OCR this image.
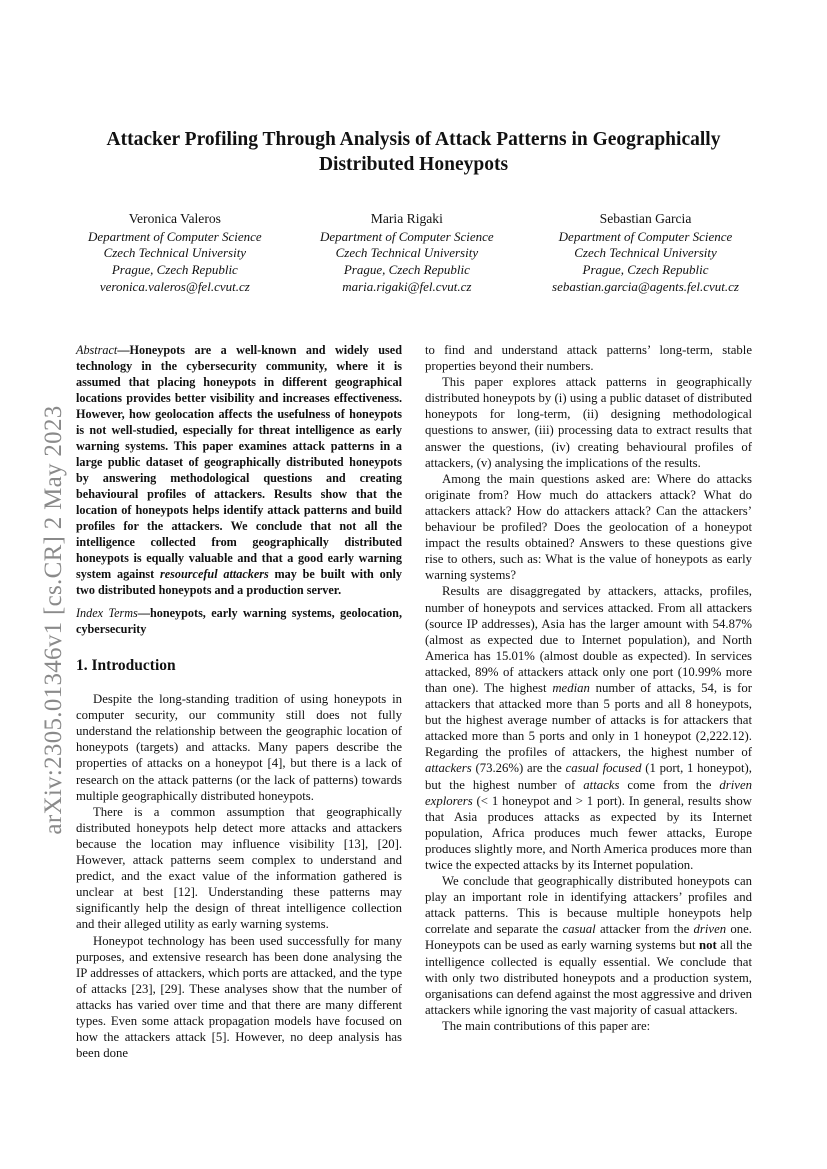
arXiv:2305.01346v1 [cs.CR] 2 May 2023
Attacker Profiling Through Analysis of Attack Patterns in Geographically Distributed Honeypots
Veronica Valeros
Department of Computer Science
Czech Technical University
Prague, Czech Republic
veronica.valeros@fel.cvut.cz
Maria Rigaki
Department of Computer Science
Czech Technical University
Prague, Czech Republic
maria.rigaki@fel.cvut.cz
Sebastian Garcia
Department of Computer Science
Czech Technical University
Prague, Czech Republic
sebastian.garcia@agents.fel.cvut.cz

Abstract—Honeypots are a well-known and widely used technology in the cybersecurity community, where it is assumed that placing honeypots in different geographical locations provides better visibility and increases effectiveness. However, how geolocation affects the usefulness of honeypots is not well-studied, especially for threat intelligence as early warning systems. This paper examines attack patterns in a large public dataset of geographically distributed honeypots by answering methodological questions and creating behavioural profiles of attackers. Results show that the location of honeypots helps identify attack patterns and build profiles for the attackers. We conclude that not all the intelligence collected from geographically distributed honeypots is equally valuable and that a good early warning system against resourceful attackers may be built with only two distributed honeypots and a production server.

Index Terms—honeypots, early warning systems, geolocation, cybersecurity

1. Introduction

Despite the long-standing tradition of using honeypots in computer security, our community still does not fully understand the relationship between the geographic location of honeypots (targets) and attacks. Many papers describe the properties of attacks on a honeypot [4], but there is a lack of research on the attack patterns (or the lack of patterns) towards multiple geographically distributed honeypots.

There is a common assumption that geographically distributed honeypots help detect more attacks and attackers because the location may influence visibility [13], [20]. However, attack patterns seem complex to understand and predict, and the exact value of the information gathered is unclear at best [12]. Understanding these patterns may significantly help the design of threat intelligence collection and their alleged utility as early warning systems.

Honeypot technology has been used successfully for many purposes, and extensive research has been done analysing the IP addresses of attackers, which ports are attacked, and the type of attacks [23], [29]. These analyses show that the number of attacks has varied over time and that there are many different types. Even some attack propagation models have focused on how the attackers attack [5]. However, no deep analysis has been done

to find and understand attack patterns’ long-term, stable properties beyond their numbers.

This paper explores attack patterns in geographically distributed honeypots by (i) using a public dataset of distributed honeypots for long-term, (ii) designing methodological questions to answer, (iii) processing data to extract results that answer the questions, (iv) creating behavioural profiles of attackers, (v) analysing the implications of the results.

Among the main questions asked are: Where do attacks originate from? How much do attackers attack? What do attackers attack? How do attackers attack? Can the attackers’ behaviour be profiled? Does the geolocation of a honeypot impact the results obtained? Answers to these questions give rise to others, such as: What is the value of honeypots as early warning systems?

Results are disaggregated by attackers, attacks, profiles, number of honeypots and services attacked. From all attackers (source IP addresses), Asia has the larger amount with 54.87% (almost as expected due to Internet population), and North America has 15.01% (almost double as expected). In services attacked, 89% of attackers attack only one port (10.99% more than one). The highest median number of attacks, 54, is for attackers that attacked more than 5 ports and all 8 honeypots, but the highest average number of attacks is for attackers that attacked more than 5 ports and only in 1 honeypot (2,222.12). Regarding the profiles of attackers, the highest number of attackers (73.26%) are the casual focused (1 port, 1 honeypot), but the highest number of attacks come from the driven explorers (< 1 honeypot and > 1 port). In general, results show that Asia produces attacks as expected by its Internet population, Africa produces much fewer attacks, Europe produces slightly more, and North America produces more than twice the expected attacks by its Internet population.

We conclude that geographically distributed honeypots can play an important role in identifying attackers’ profiles and attack patterns. This is because multiple honeypots help correlate and separate the casual attacker from the driven one. Honeypots can be used as early warning systems but not all the intelligence collected is equally essential. We conclude that with only two distributed honeypots and a production system, organisations can defend against the most aggressive and driven attackers while ignoring the vast majority of casual attackers.

The main contributions of this paper are:
